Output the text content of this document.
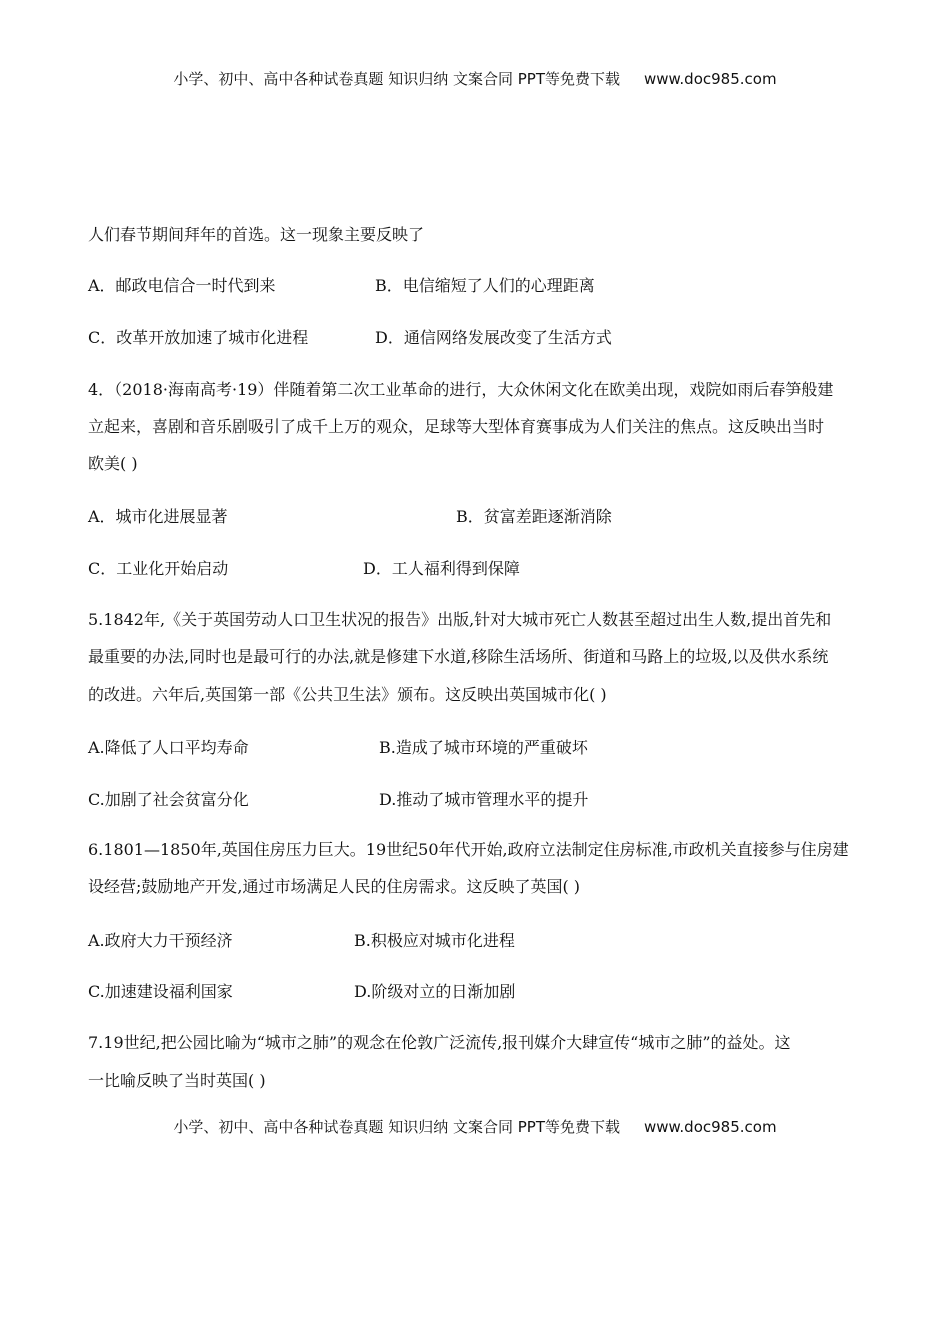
小学、初中、高中各种试卷真题 知识归纳 文案合同 PPT等免费下载 www.doc985.com
人们春节期间拜年的首选。这一现象主要反映了
A．邮政电信合一时代到来	B．电信缩短了人们的心理距离
C．改革开放加速了城市化进程	D．通信网络发展改变了生活方式
4．（2018·海南高考·19）伴随着第二次工业革命的进行，大众休闲文化在欧美出现，戏院如雨后春笋般建
立起来，喜剧和音乐剧吸引了成千上万的观众，足球等大型体育赛事成为人们关注的焦点。这反映出当时
欧美( )
A．城市化进展显著	B．贫富差距逐渐消除
C．工业化开始启动	D．工人福利得到保障
5.1842年,《关于英国劳动人口卫生状况的报告》出版,针对大城市死亡人数甚至超过出生人数,提出首先和
最重要的办法,同时也是最可行的办法,就是修建下水道,移除生活场所、街道和马路上的垃圾,以及供水系统
的改进。六年后,英国第一部《公共卫生法》颁布。这反映出英国城市化( )
A.降低了人口平均寿命	B.造成了城市环境的严重破坏
C.加剧了社会贫富分化	D.推动了城市管理水平的提升
6.1801—1850年,英国住房压力巨大。19世纪50年代开始,政府立法制定住房标准,市政机关直接参与住房建
设经营;鼓励地产开发,通过市场满足人民的住房需求。这反映了英国( )
A.政府大力干预经济	B.积极应对城市化进程
C.加速建设福利国家	D.阶级对立的日渐加剧
7.19世纪,把公园比喻为“城市之肺”的观念在伦敦广泛流传,报刊媒介大肆宣传“城市之肺”的益处。这
一比喻反映了当时英国( )
小学、初中、高中各种试卷真题 知识归纳 文案合同 PPT等免费下载 www.doc985.com
